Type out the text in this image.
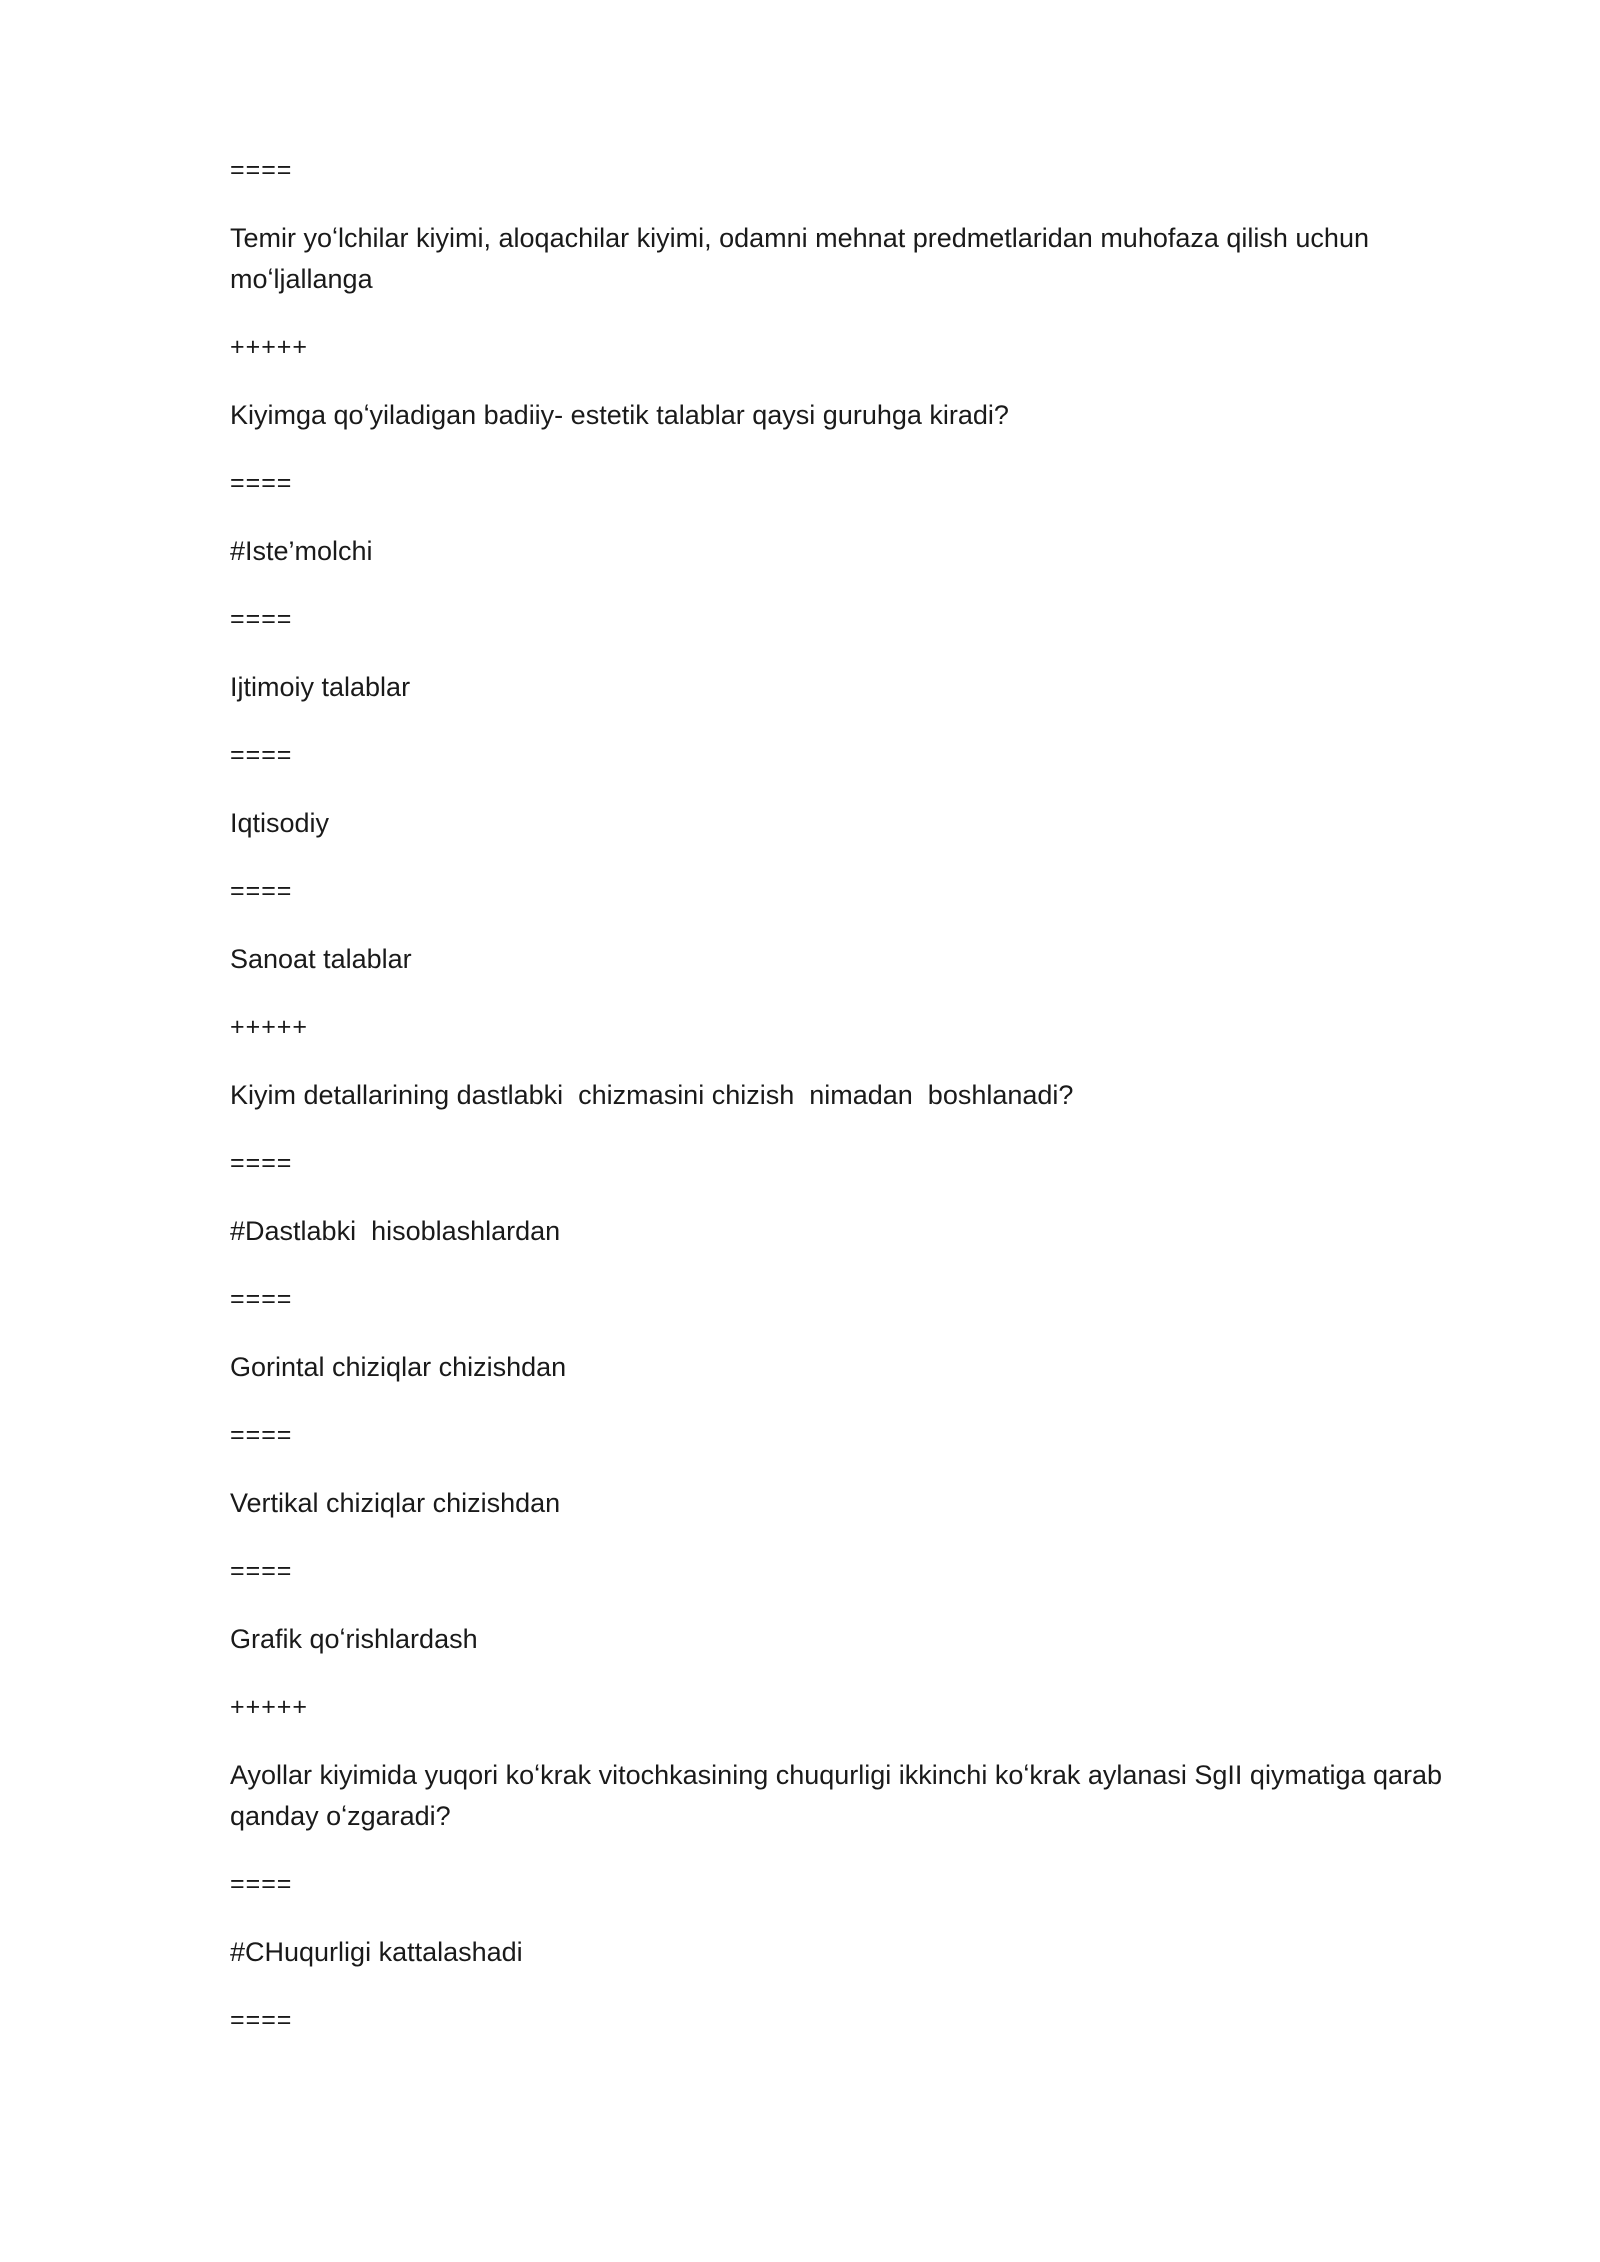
====

Temir yoʻlchilar kiyimi, aloqachilar kiyimi, odamni mehnat predmetlaridan muhofaza qilish uchun moʻljallanga

+++++

Kiyimga qoʻyiladigan badiiy- estetik talablar qaysi guruhga kiradi?

====

#Iste’molchi

====

Ijtimoiy talablar

====

Iqtisodiy

====

Sanoat talablar

+++++

Kiyim detallarining dastlabki  chizmasini chizish  nimadan  boshlanadi?

====

#Dastlabki  hisoblashlardan

====

Gorintal chiziqlar chizishdan

====

Vertikal chiziqlar chizishdan

====

Grafik qoʻrishlardash

+++++

Ayollar kiyimida yuqori koʻkrak vitochkasining chuqurligi ikkinchi koʻkrak aylanasi SgII qiymatiga qarab qanday oʻzgaradi?

====

#CHuqurligi kattalashadi

====
